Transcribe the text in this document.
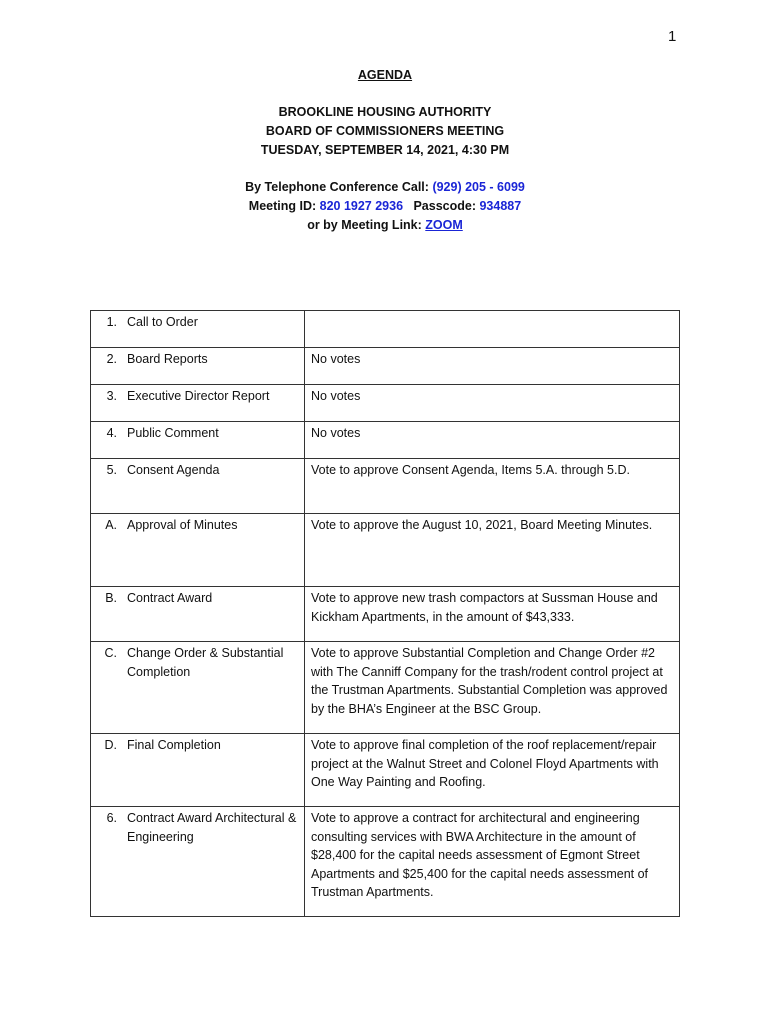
1
AGENDA
BROOKLINE HOUSING AUTHORITY
BOARD OF COMMISSIONERS MEETING
TUESDAY, SEPTEMBER 14, 2021, 4:30 PM
By Telephone Conference Call: (929) 205 - 6099
Meeting ID: 820 1927 2936 Passcode: 934887
or by Meeting Link: ZOOM
1. Call to Order	

2. Board Reports	No votes

3. Executive Director Report	No votes

4. Public Comment	No votes

5. Consent Agenda	Vote to approve Consent Agenda, Items 5.A. through 5.D.

A. Approval of Minutes	Vote to approve the August 10, 2021, Board Meeting Minutes.

B. Contract Award	Vote to approve new trash compactors at Sussman House and Kickham Apartments, in the amount of $43,333.

C. Change Order & Substantial Completion	Vote to approve Substantial Completion and Change Order #2 with The Canniff Company for the trash/rodent control project at the Trustman Apartments. Substantial Completion was approved by the BHA’s Engineer at the BSC Group.

D. Final Completion	Vote to approve final completion of the roof replacement/repair project at the Walnut Street and Colonel Floyd Apartments with One Way Painting and Roofing.

6. Contract Award Architectural & Engineering	Vote to approve a contract for architectural and engineering consulting services with BWA Architecture in the amount of $28,400 for the capital needs assessment of Egmont Street Apartments and $25,400 for the capital needs assessment of Trustman Apartments.
